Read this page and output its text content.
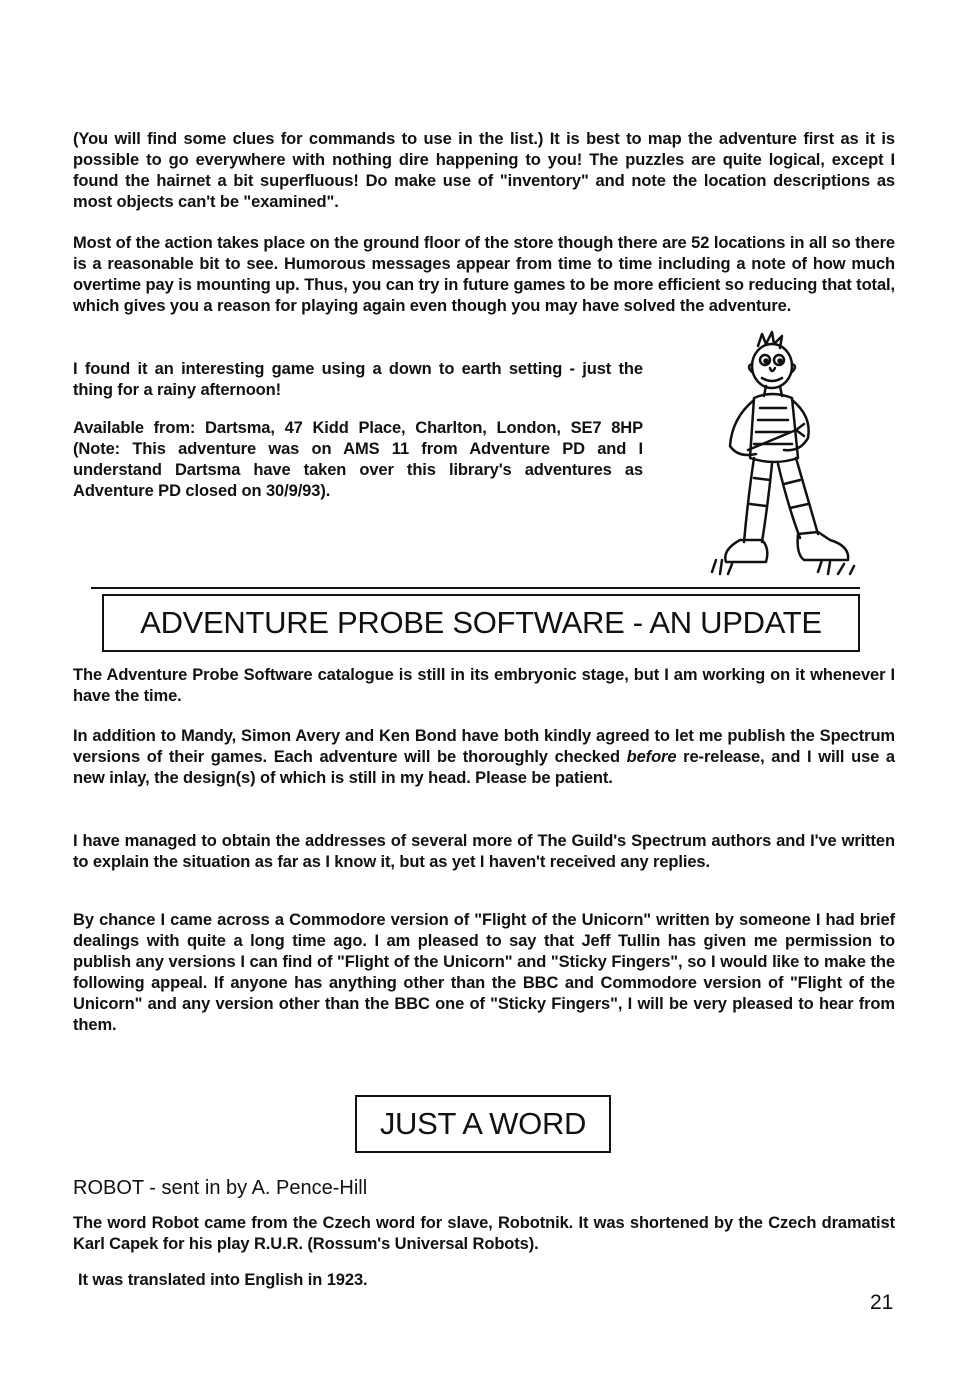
(You will find some clues for commands to use in the list.) It is best to map the adventure first as it is possible to go everywhere with nothing dire happening to you! The puzzles are quite logical, except I found the hairnet a bit superfluous! Do make use of "inventory" and note the location descriptions as most objects can't be "examined".

Most of the action takes place on the ground floor of the store though there are 52 locations in all so there is a reasonable bit to see. Humorous messages appear from time to time including a note of how much overtime pay is mounting up. Thus, you can try in future games to be more efficient so reducing that total, which gives you a reason for playing again even though you may have solved the adventure.

I found it an interesting game using a down to earth setting - just the thing for a rainy afternoon!

Available from: Dartsma, 47 Kidd Place, Charlton, London, SE7 8HP (Note: This adventure was on AMS 11 from Adventure PD and I understand Dartsma have taken over this library's adventures as Adventure PD closed on 30/9/93).

ADVENTURE PROBE SOFTWARE - AN UPDATE

The Adventure Probe Software catalogue is still in its embryonic stage, but I am working on it whenever I have the time.

In addition to Mandy, Simon Avery and Ken Bond have both kindly agreed to let me publish the Spectrum versions of their games. Each adventure will be thoroughly checked before re-release, and I will use a new inlay, the design(s) of which is still in my head. Please be patient.

I have managed to obtain the addresses of several more of The Guild's Spectrum authors and I've written to explain the situation as far as I know it, but as yet I haven't received any replies.

By chance I came across a Commodore version of "Flight of the Unicorn" written by someone I had brief dealings with quite a long time ago. I am pleased to say that Jeff Tullin has given me permission to publish any versions I can find of "Flight of the Unicorn" and "Sticky Fingers", so I would like to make the following appeal. If anyone has anything other than the BBC and Commodore version of "Flight of the Unicorn" and any version other than the BBC one of "Sticky Fingers", I will be very pleased to hear from them.

JUST A WORD

ROBOT - sent in by A. Pence-Hill

The word Robot came from the Czech word for slave, Robotnik. It was shortened by the Czech dramatist Karl Capek for his play R.U.R. (Rossum's Universal Robots).

It was translated into English in 1923.

21
